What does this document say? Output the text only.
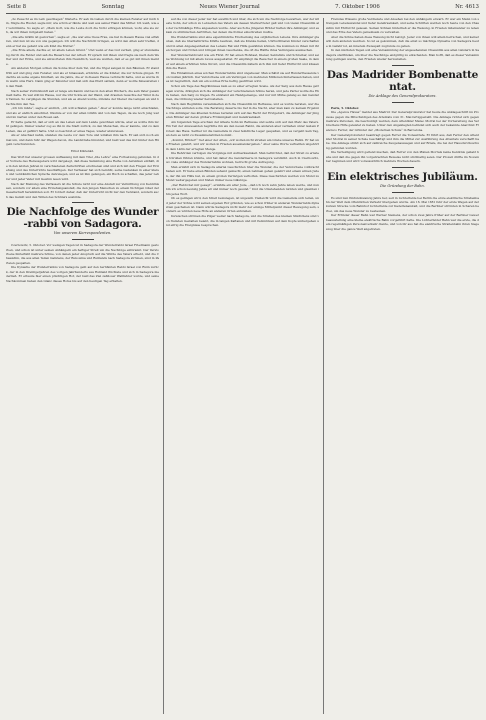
Seite 8	Sonntag	Neues Wiener Journal	7. Oktober 1906	Nr. 4613

„So Peuecht es im Leib geschlagen“ flüsterte. Er aah im Gehen durch die kleinen Fenster auf mich hin, frägte die Huster, sagte mir, wie schön er fände und weil aus seiner Hand das Mittel: Ich weiß, wie er verstimmte. So sagte er: „Mein Gott, wie die Leute doch die Notiz ertragen können, wohl, ehe sie sich, da wir ihnen mitgeteilt haben.“

„Die alte Gräfin ist gestorben“, sagte er. „Sie war eine treue Frau, sie hat in diesem Hause viel erfahren, und nun ist sie von uns gegangen. Ich will die Nachricht bringen, es wird den Alten sehr treffen, denn er hat sie geliebt wie ein Kind die Mutter.“

„Die Erde allein, dachte er, ist allem Leben Grund.“ Und wenn er das Gut verließ, ging er stundenlang durch die Felder und sah die Bauern bei der Arbeit. Er sprach mit ihnen und fragte sie nach dem Wetter und der Ernte, und sie antworteten ihm freundlich, weil sie wußten, daß er es gut mit ihnen meinte.

Am anderen Morgen schien die Sonne über dem Tal, und die Vögel sangen in den Bäumen. Er stand früh auf und ging zum Fenster, und als er hinaussah, erblickte er die Kinder, die zur Schule gingen. Er dachte an seine eigene Kindheit, an die Jahre, die er in diesem Hause verbracht hatte, und es wurde ihm warm ums Herz. Dann ging er hinunter und ließ sich das Pferd satteln, denn er wollte hinausreiten in den Wald.

Nach seiner Zurückkunft saß er lange am Kamin und las in den alten Büchern, die sein Vater gesammelt hatte. Es war still im Hause, nur die Uhr tickte an der Wand, und draußen rauschte der Wind in den Tannen. So vergingen die Stunden, und als es Abend wurde, zündete der Diener die Lampen an und brachte ihm den Tee.

„Ich bin müde“, sagte er endlich, „ich will schlafen gehen.“ Aber er konnte lange nicht einschlafen, und als er endlich einschlief, träumte er von der alten Gräfin und von den Tagen, da sie noch jung war und im Garten unter den Rosen saß.

Er hatte gedacht, daß er sich an das Leben auf dem Lande gewöhnen würde, aber es wollte ihm nicht gelingen. Immer wieder zog es ihn in die Stadt zurück, zu den Menschen, die er kannte, und zu dem Leben, das er geführt hatte. Und so beschloß er eines Tages, wieder abzureisen.

Als er Abschied nahm, standen die Leute vor dem Tore und winkten ihm nach. Er sah sich noch einmal um, und dann fuhr der Wagen davon, die Landstraße hinunter, und bald war das Gut hinter den Hügeln verschwunden.

Ernst Klärenkd.

Das Wort hat unserer grossen Auffassung mit dem Titel „Die Lehre“ eine Fortsetzung gefunden. In der Vorrede des Herausgebers wird dargelegt, daß diese Sammlung eine Reihe von Aufsätzen enthält, die in den letzten Jahren in verschiedenen Zeitschriften erschienen sind und sich mit den Fragen der Erziehung und des Unterrichts beschäftigen. Der Verfasser hat sich bemüht, seine Gedanken in einer klaren und verständlichen Sprache darzulegen, und es ist ihm gelungen, ein Buch zu schaffen, das jeder Lehrer und jeder Vater mit Gewinn lesen wird.

Nach der Meinung des Verfassers ist die Schule nicht nur eine Anstalt zur Vermittlung von Kenntnissen, sondern vor allem eine Erziehungsanstalt, die den jungen Menschen zu einem tüchtigen Glied der Gesellschaft heranbilden soll. Er fordert daher, daß der Unterricht nicht nur den Verstand, sondern auch das Gemüt und den Willen des Schülers ausbilde.

Die Nachfolge des Wunder-rabbi von Sadagora.
Von unserem Korrespondenten.

Czernowitz, 5. Oktober. Vor wenigen Tagen ist in Sadagora der Wunderrabbi Israel Friedmann gestorben, und schon ist unter seinen Anhängern ein heftiger Streit um die Nachfolge entbrannt. Der Verstorbene hinterläßt mehrere Söhne, von denen jeder Anspruch auf die Würde des Vaters erhebt, und die Chassidim, die aus allen Teilen Galiziens, der Bukowina und Rußlands nach Sadagora strömen, sind in Parteien gespalten.

Die Dynastie der Wunderrabbis von Sadagora geht auf den berühmten Rabbi Israel von Rizin zurück, der in den Dreißigerjahren des vorigen Jahrhunderts aus Rußland flüchtete und sich in Sadagora niederließ. Er erbaute hier einen prächtigen Hof, der bald das Ziel zahlloser Wallfahrer wurde, und seine Nachkommen haben den Glanz dieses Hofes bis auf den heutigen Tag erhalten.

auf die von dieser jeder nur hat eweltlich und über, die sich um die Nachfolge bewarben, war der älteste Sohn, der schon zu Lebzeiten des Vaters als dessen Stellvertreter galt und von vielen Chassidim als der rechtmäßige Erbe angesehen wurde. Aber auch die jüngeren Brüder hatten ihre Anhänger, und es kam zu stürmischen Auftritten, bei denen die Polizei einschreiten mußte.

Die Wunderrabbis sind eine eigentümliche Erscheinung des ostjüdischen Lebens. Ihre Anhänger glauben, daß sie übernatürliche Kräfte besitzen, daß sie Kranke heilen, Unfruchtbaren Kinder verschaffen und in allen Angelegenheiten des Lebens Rat und Hilfe gewähren können. Sie kommen zu ihnen mit ihren Sorgen und Nöten und bringen ihnen Geschenke, die oft die Hälfte ihres Vermögens ausmachen.

Der Wunderrabbi lebt wie ein Fürst. Er hat einen Hofstaat, Diener, Sekretäre und Schreiber, und seine Wohnung ist mit allem Luxus ausgestattet. Er empfängt die Besucher in einem großen Saale, in dem er auf einem erhöhten Sitze thront, und die Chassidim nähern sich ihm mit tiefer Ehrfurcht und küssen ihm die Hand.

Die Einnahmen eines solchen Wunderrabbis sind ungeheuer. Man schätzt sie auf Hunderttausende von Gulden jährlich. Der Verstorbene soll ein Vermögen von mehreren Millionen hinterlassen haben, und es ist begreiflich, daß um ein solches Erbe heftig gestritten wird.

Schon am Tage des Begräbnisses kam es zu einer erregten Szene. Als der Sarg aus dem Hause getragen wurde, drängten sich die Anhänger der verschiedenen Söhne heran, und jede Partei wollte die Ehre haben, den Sarg zu tragen. Es entstand ein Handgemenge, und nur mit Mühe gelang es den Gendarmen, die Ordnung wieder herzustellen.

Nach dem Begräbnis versammelten sich die Chassidim im Bethause, und es wurde beraten, wer die Nachfolge antreten solle. Die Beratung dauerte bis tief in die Nacht, aber man kam zu keinem Ergebnis. Die Anhänger des ältesten Sohnes beriefen sich auf das Recht der Erstgeburt, die Anhänger der jüngeren Brüder auf deren größere Frömmigkeit und Gelehrsamkeit.

Am folgenden Tage erschien der älteste Sohn im Bethause und setzte sich auf den Platz des Vaters. Ein Teil der Anwesenden begrüßte ihn als den neuen Rabbi, die anderen aber verließen unter lautem Protest das Haus. Seither ist die Gemeinde in zwei feindliche Lager gespalten, und es vergeht kein Tag, an dem es nicht zu Zusammenstößen kommt.

„Kommt, Brüder!“ rief einer der Alten, „wir wollen nicht streiten am Grabe unseres Rabbi. Er hat uns Frieden gelehrt, und wir wollen in Frieden auseinandergehen.“ Aber seine Worte verhallten ungehört in dem Lärm der erregten Menge.

Die Behörden verfolgen die Vorgänge mit Aufmerksamkeit. Man befürchtet, daß der Streit zu ernsten Unruhen führen könnte, und hat daher die Gendarmerie in Sadagora verstärkt. Auch in Czernowitz, wo viele Anhänger des Wunderrabbis wohnen, herrscht große Aufregung.

Man erzählt sich in Sadagora allerlei Geschichten über die Wunder, die der Verstorbene vollbracht haben soll. Er habe einen Blinden sehend gemacht, einen Lahmen gehen gelehrt und einem armen Juden, der ihn um Hilfe bat, zu einem großen Vermögen verholfen. Diese Geschichten werden von Mund zu Mund weitergegeben und finden immer neue Gläubige.

„Der Rabbi hat mir gesagt“, erzählte ein alter Jude, „daß ich noch zehn Jahre leben werde, und nun bin ich schon neunzig Jahre alt und immer noch gesund.“ Und die Umstehenden nickten und glaubten ihm jedes Wort.

Ob es gelingen wird, den Streit beizulegen, ist ungewiß. Vielleicht wird die Gemeinde sich teilen, und jeder der Söhne wird seinen eigenen Hof gründen, wie es schon früher in anderen Wunderrabbi-Dynastien geschehen ist. Dann würde Sadagora nicht mehr der einzige Mittelpunkt dieser Bewegung sein, sondern es würden neue Höfe an anderen Orten entstehen.

Inzwischen strömen die Pilger weiter nach Sadagora, und die Straßen des kleinen Städtchens sind von fremden Gestalten belebt, die in langen Kaftanen und mit Pelzmützen auf dem Kopfe umhergehen und eifrig die Ereignisse besprechen.

Fremdes Wissens große Verdienste und Ansehen bei den Anhängern erwarb. Er war ein Mann von strengem Lebenswandel und tiefer Gelehrsamkeit, und seine Schriften werden noch heute von den Chassidim mit Ehrfurcht gelesen. Seinen Söhnen hinterließ er die Weisung, in Frieden miteinander zu leben und das Erbe des Vaters gemeinsam zu verwalten.

Aber die Söhne haben diese Weisung nicht befolgt. Jeder von ihnen will allein herrschen, und keiner will dem anderen weichen. So ist es gekommen, daß die einst so mächtige Dynastie von Sadagora heute in Gefahr ist, an innerem Zwiespalt zugrunde zu gehen.

In den nächsten Tagen soll eine Versammlung der angesehensten Chassidim aus allen Ländern in Sadagora stattfinden, um über die Nachfolge endgültig zu entscheiden. Man hofft, daß es dieser Versammlung gelingen werde, den Frieden wieder herzustellen.

Das Madrider Bombenattentat.
Die Anklage des Generalprokurators.

Paris, 5. Oktober.

Die „Agence Havas“ meldet aus Madrid: Der Generalprokurator hat heute die Anklageschrift im Prozesse gegen die Mitschuldigen des Attentats vom 31. Mai fertiggestellt. Die Anklage richtet sich gegen mehrere Personen, die beschuldigt werden, dem Attentäter Mateo Morral bei der Vorbereitung des Verbrechens Hilfe geleistet zu haben. Unter den Angeklagten befindet sich auch der bekannte Anarchist Francisco Ferrer, der Gründer der „Modernen Schule“ in Barcelona.

Der Generalprokurator beantragt gegen Ferrer die Todesstrafe. Er führt aus, daß Ferrer den Attentäter Morral in seiner Schule beschäftigt und ihm die Mittel zur Ausführung des Attentats verschafft habe. Die Anklage stützt sich auf zahlreiche Zeugenaussagen und auf Briefe, die bei der Hausdurchsuchung gefunden wurden.

Die Verteidigung wird geltend machen, daß Ferrer von den Plänen Morrals keine Kenntnis gehabt habe und daß die gegen ihn vorgebrachten Beweise nicht stichhaltig seien. Der Prozeß dürfte im November beginnen und wird voraussichtlich mehrere Wochen dauern.

Ein elektrisches Jubiläum.
Die Gründung der Bahn.

Es sind nun fünfundzwanzig Jahre her, seit in Lichterfelde bei Berlin die erste elektrische Straßenbahn der Welt dem öffentlichen Verkehr übergeben wurde. Am 16. Mai 1881 fuhr der erste Wagen auf der kurzen Strecke vom Bahnhof Lichterfelde zur Kadettenanstalt, und die Berliner strömten in Scharen herbei, um das neue Wunder zu bestaunen.

Der Erfinder dieser Bahn war Werner Siemens, der schon zwei Jahre früher auf der Berliner Gewerbeausstellung eine kleine elektrische Bahn vorgeführt hatte. Die Lichterfelder Bahn war die erste, die dem regelmäßigen Personenverkehr diente, und von ihr aus hat die elektrische Straßenbahn ihren Siegeszug über die ganze Welt angetreten.
